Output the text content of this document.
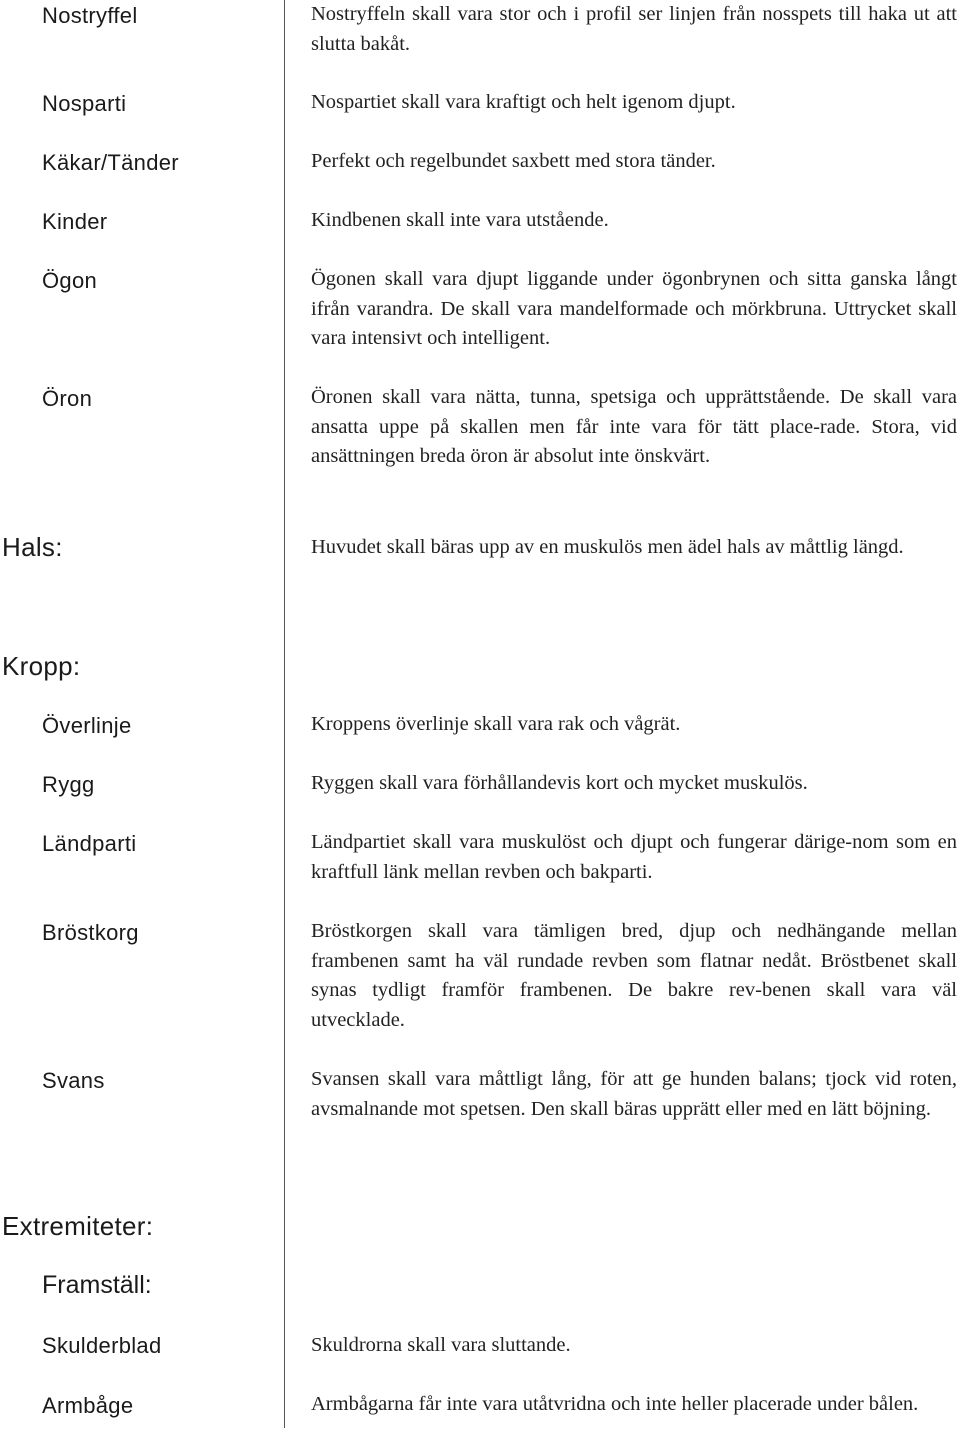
Nostryffel	Nostryffeln skall vara stor och i profil ser linjen från nosspets till haka ut att slutta bakåt.
Nosparti	Nospartiet skall vara kraftigt och helt igenom djupt.
Käkar/Tänder	Perfekt och regelbundet saxbett med stora tänder.
Kinder	Kindbenen skall inte vara utstående.
Ögon	Ögonen skall vara djupt liggande under ögonbrynen och sitta ganska långt ifrån varandra. De skall vara mandelformade och mörkbruna. Uttrycket skall vara intensivt och intelligent.
Öron	Öronen skall vara nätta, tunna, spetsiga och upprättstående. De skall vara ansatta uppe på skallen men får inte vara för tätt place-rade. Stora, vid ansättningen breda öron är absolut inte önskvärt.
Hals:	Huvudet skall bäras upp av en muskulös men ädel hals av måttlig längd.
Kropp:
Överlinje	Kroppens överlinje skall vara rak och vågrät.
Rygg	Ryggen skall vara förhållandevis kort och mycket muskulös.
Ländparti	Ländpartiet skall vara muskulöst och djupt och fungerar därige-nom som en kraftfull länk mellan revben och bakparti.
Bröstkorg	Bröstkorgen skall vara tämligen bred, djup och nedhängande mellan frambenen samt ha väl rundade revben som flatnar nedåt. Bröstbenet skall synas tydligt framför frambenen. De bakre rev-benen skall vara väl utvecklade.
Svans	Svansen skall vara måttligt lång, för att ge hunden balans; tjock vid roten, avsmalnande mot spetsen. Den skall bäras upprätt eller med en lätt böjning.
Extremiteter:
Framställ:
Skulderblad	Skuldrorna skall vara sluttande.
Armbåge	Armbågarna får inte vara utåtvridna och inte heller placerade under bålen.
